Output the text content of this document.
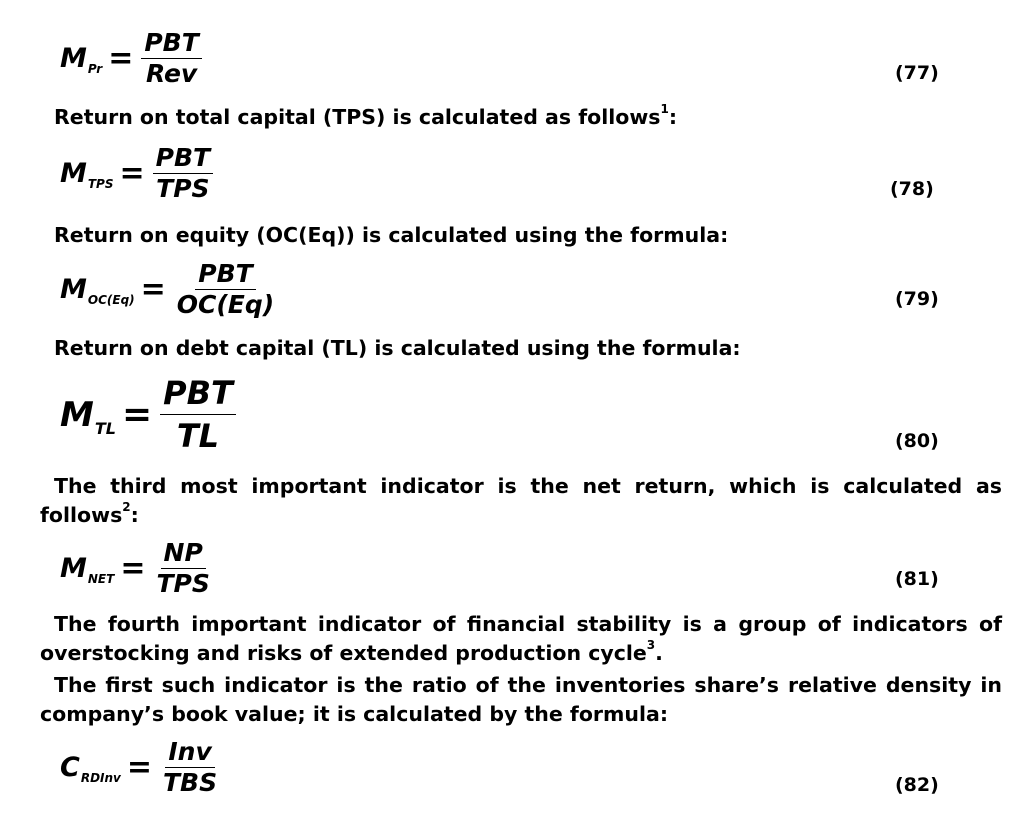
M $Pr = \frac{\text{PBT}}{\text{Rev}}$	(77)

Return on total capital (TPS) is calculated as follows$^1$:

M TPS = $\frac{\text{PBT}}{\text{TPS}}$	(78)

Return on equity (OC(Eq)) is calculated using the formula:

M $OC(Eq) = \frac{\text{PBT}}{OC(Eq)}$	(79)

Return on debt capital (TL) is calculated using the formula:

M TL = $\frac{\text{PBT}}{TL}$	(80)

The third most important indicator is the net return, which is calculated as follows$^2$:

M NET = $\frac{NP}{\text{TPS}}$	(81)

The fourth important indicator of financial stability is a group of indicators of overstocking and risks of extended production cycle$^3$.

The first such indicator is the ratio of the inventories share’s relative density in company’s book value; it is calculated by the formula:

C RDInv = $\frac{\text{Inv}}{\text{TBS}}$	(82)
